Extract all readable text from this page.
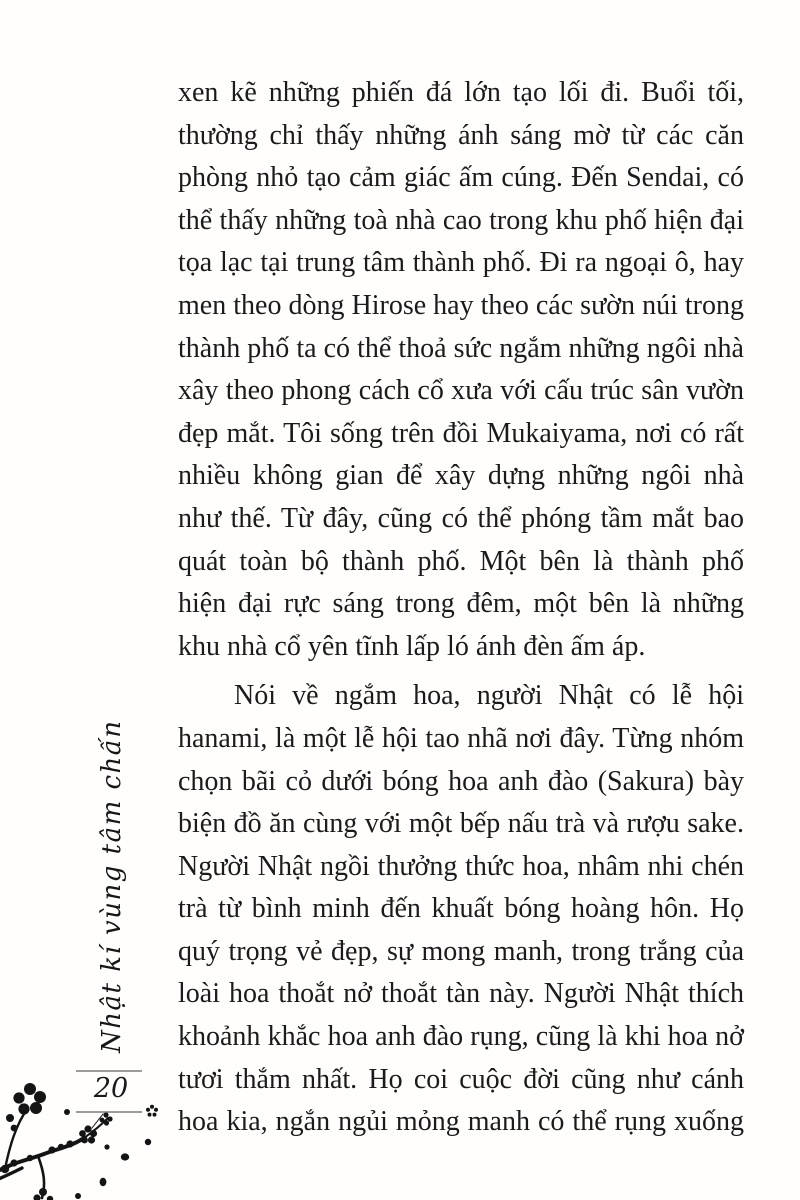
xen kẽ những phiến đá lớn tạo lối đi. Buổi tối,
thường chỉ thấy những ánh sáng mờ từ các căn
phòng nhỏ tạo cảm giác ấm cúng. Đến Sendai, có
thể thấy những toà nhà cao trong khu phố hiện đại
tọa lạc tại trung tâm thành phố. Đi ra ngoại ô, hay
men theo dòng Hirose hay theo các sườn núi trong
thành phố ta có thể thoả sức ngắm những ngôi nhà
xây theo phong cách cổ xưa với cấu trúc sân vườn
đẹp mắt. Tôi sống trên đồi Mukaiyama, nơi có rất
nhiều không gian để xây dựng những ngôi nhà
như thế. Từ đây, cũng có thể phóng tầm mắt bao
quát toàn bộ thành phố. Một bên là thành phố
hiện đại rực sáng trong đêm, một bên là những
khu nhà cổ yên tĩnh lấp ló ánh đèn ấm áp.
Nói về ngắm hoa, người Nhật có lễ hội
hanami, là một lễ hội tao nhã nơi đây. Từng nhóm
chọn bãi cỏ dưới bóng hoa anh đào (Sakura) bày
biện đồ ăn cùng với một bếp nấu trà và rượu sake.
Người Nhật ngồi thưởng thức hoa, nhâm nhi chén
trà từ bình minh đến khuất bóng hoàng hôn. Họ
quý trọng vẻ đẹp, sự mong manh, trong trắng của
loài hoa thoắt nở thoắt tàn này. Người Nhật thích
khoảnh khắc hoa anh đào rụng, cũng là khi hoa nở
tươi thắm nhất. Họ coi cuộc đời cũng như cánh
hoa kia, ngắn ngủi mỏng manh có thể rụng xuống
Nhật kí vùng tâm chấn
20
